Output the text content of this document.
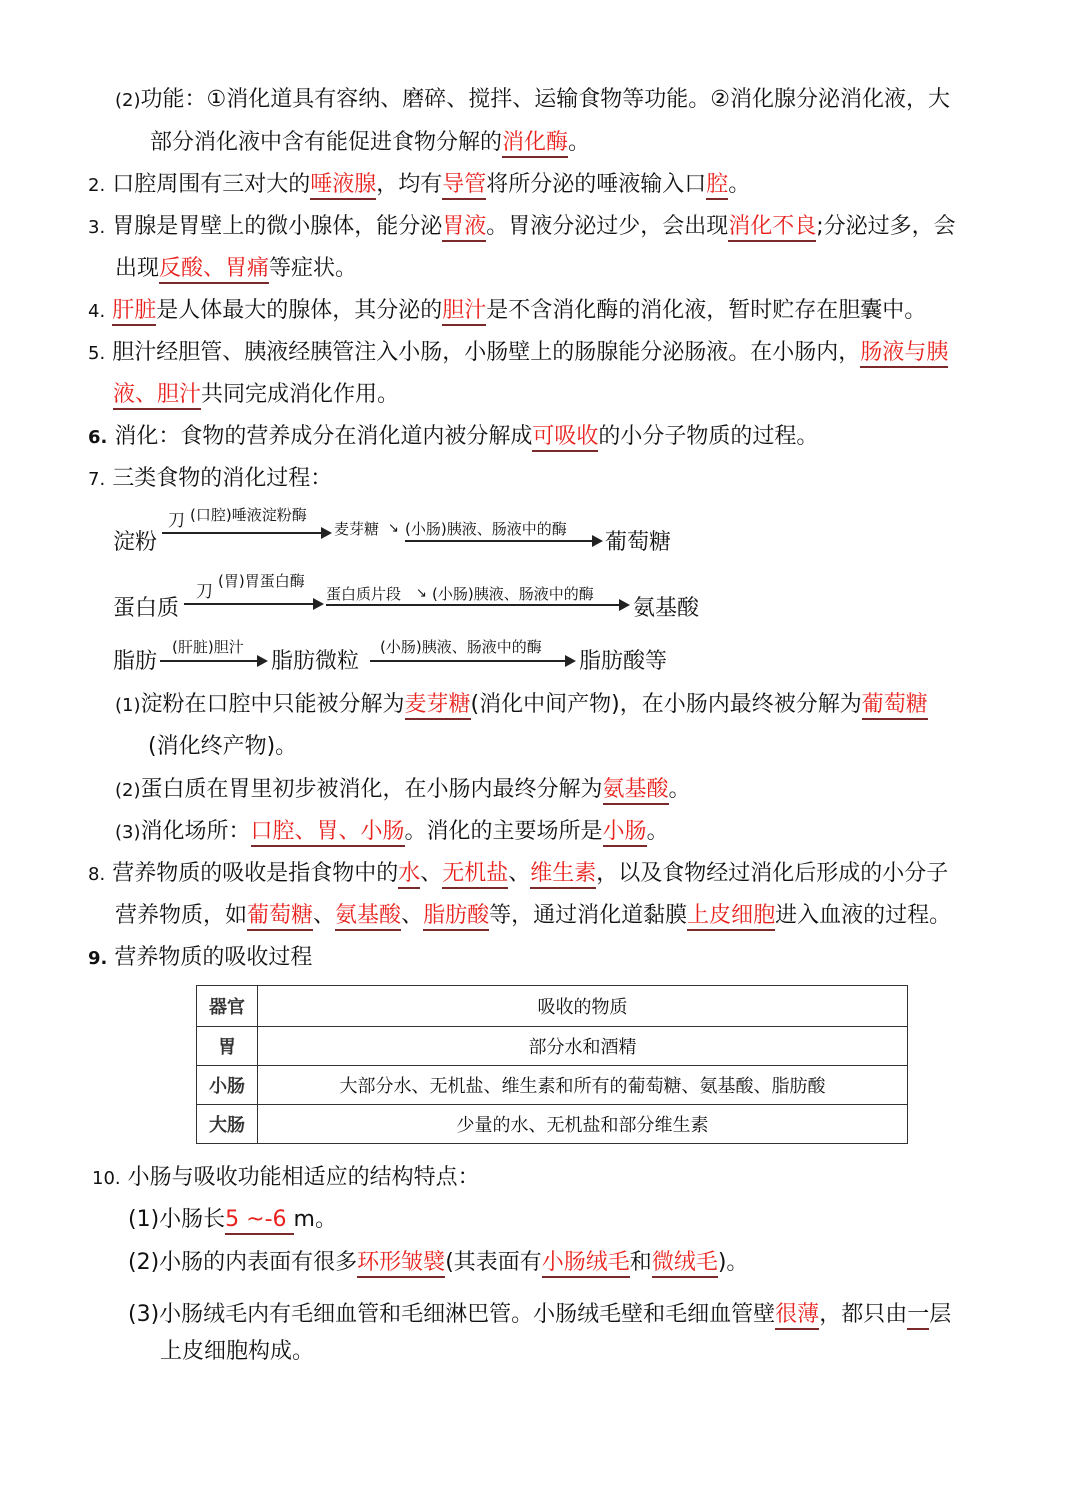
(2)功能：①消化道具有容纳、磨碎、搅拌、运输食物等功能。②消化腺分泌消化液，大
部分消化液中含有能促进食物分解的消化酶。
2. 口腔周围有三对大的唾液腺，均有导管将所分泌的唾液输入口腔。
3. 胃腺是胃壁上的微小腺体，能分泌胃液。胃液分泌过少，会出现消化不良;分泌过多，会
出现反酸、胃痛等症状。
4. 肝脏是人体最大的腺体，其分泌的胆汁是不含消化酶的消化液，暂时贮存在胆囊中。
5. 胆汁经胆管、胰液经胰管注入小肠，小肠壁上的肠腺能分泌肠液。在小肠内，肠液与胰
液、胆汁共同完成消化作用。
6. 消化：食物的营养成分在消化道内被分解成可吸收的小分子物质的过程。
7. 三类食物的消化过程：
淀粉
刀 (口腔)唾液淀粉酶
麦芽糖 ↘ (小肠)胰液、肠液中的酶
葡萄糖
蛋白质
刀
(胃)胃蛋白酶
蛋白质片段 ↘ (小肠)胰液、肠液中的酶
氨基酸
脂肪
(肝脏)胆汁
脂肪微粒
(小肠)胰液、肠液中的酶
脂肪酸等
(1)淀粉在口腔中只能被分解为麦芽糖(消化中间产物)，在小肠内最终被分解为葡萄糖
(消化终产物)。
(2)蛋白质在胃里初步被消化，在小肠内最终分解为氨基酸。
(3)消化场所：口腔、胃、小肠。消化的主要场所是小肠。
8. 营养物质的吸收是指食物中的水、无机盐、维生素，以及食物经过消化后形成的小分子
营养物质，如葡萄糖、氨基酸、脂肪酸等，通过消化道黏膜上皮细胞进入血液的过程。
9. 营养物质的吸收过程
器官	吸收的物质
胃	部分水和酒精
小肠	大部分水、无机盐、维生素和所有的葡萄糖、氨基酸、脂肪酸
大肠	少量的水、无机盐和部分维生素
10. 小肠与吸收功能相适应的结构特点：
(1)小肠长5 ~-6 m。
(2)小肠的内表面有很多环形皱襞(其表面有小肠绒毛和微绒毛)。
(3)小肠绒毛内有毛细血管和毛细淋巴管。小肠绒毛壁和毛细血管壁很薄，都只由一层
上皮细胞构成。
